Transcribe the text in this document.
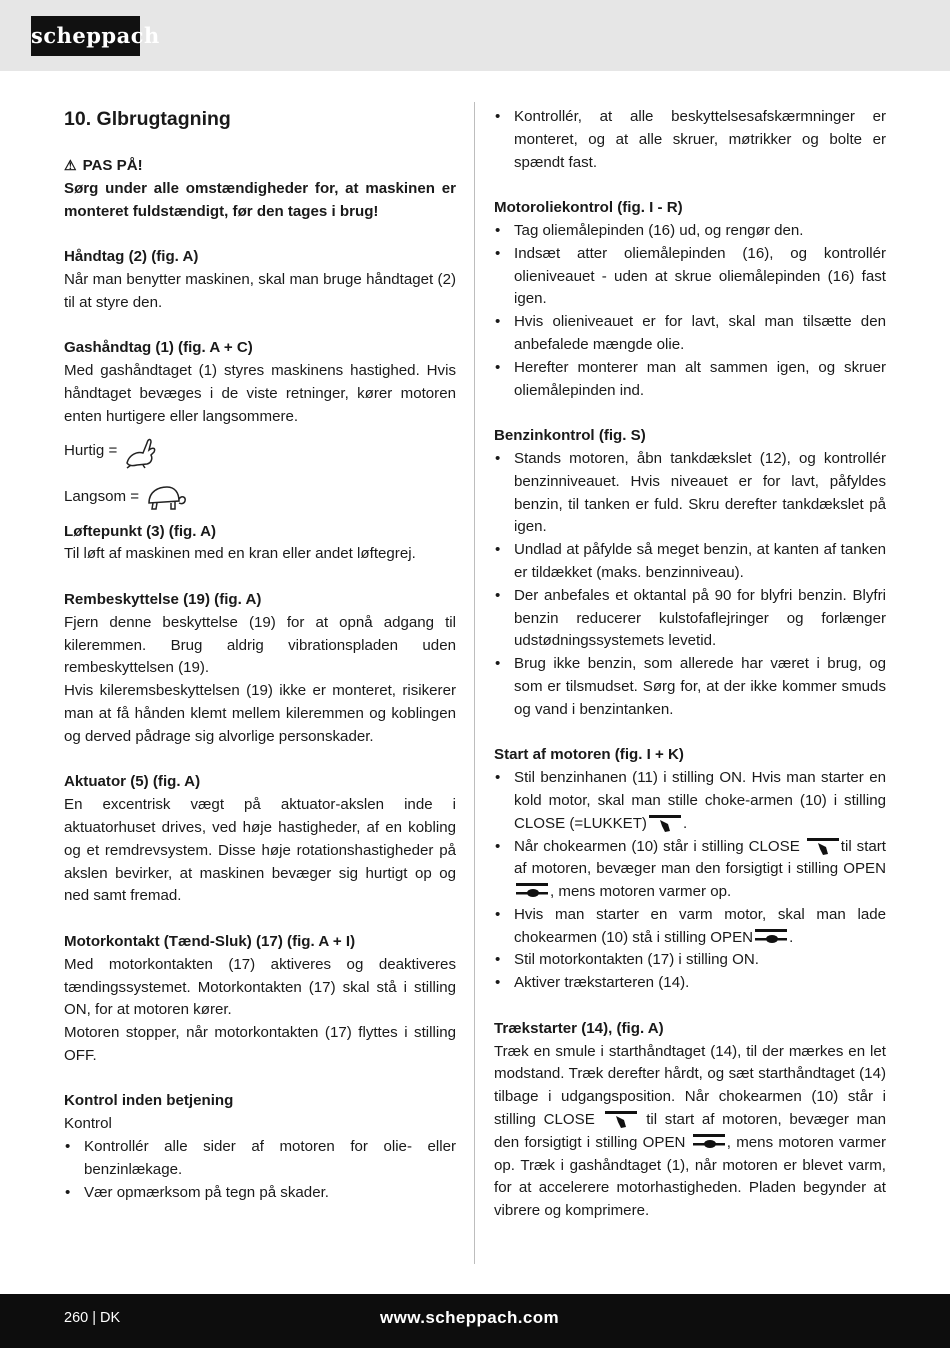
scheppach
10. Glbrugtagning

⚠ PAS PÅ!

Sørg under alle omstændigheder for, at maskinen er monteret fuldstændigt, før den tages i brug!

Håndtag (2) (fig. A)

Når man benytter maskinen, skal man bruge håndtaget (2) til at styre den.

Gashåndtag (1) (fig. A + C)

Med gashåndtaget (1) styres maskinens hastighed. Hvis håndtaget bevæges i de viste retninger, kører motoren enten hurtigere eller langsommere.

Hurtig =
Langsom =

Løftepunkt (3) (fig. A)

Til løft af maskinen med en kran eller andet løftegrej.

Rembeskyttelse (19) (fig. A)

Fjern denne beskyttelse (19) for at opnå adgang til kileremmen. Brug aldrig vibrationspladen uden rembeskyttelsen (19).

Hvis kileremsbeskyttelsen (19) ikke er monteret, risikerer man at få hånden klemt mellem kileremmen og koblingen og derved pådrage sig alvorlige personskader.

Aktuator (5) (fig. A)

En excentrisk vægt på aktuator-akslen inde i aktuatorhuset drives, ved høje hastigheder, af en kobling og et remdrevsystem. Disse høje rotationshastigheder på akslen bevirker, at maskinen bevæger sig hurtigt op og ned samt fremad.

Motorkontakt (Tænd-Sluk) (17) (fig. A + I)

Med motorkontakten (17) aktiveres og deaktiveres tændingssystemet. Motorkontakten (17) skal stå i stilling ON, for at motoren kører.

Motoren stopper, når motorkontakten (17) flyttes i stilling OFF.

Kontrol inden betjening

Kontrol

• Kontrollér alle sider af motoren for olie- eller benzinlækage.
• Vær opmærksom på tegn på skader.
• Kontrollér, at alle beskyttelsesafskærmninger er monteret, og at alle skruer, møtrikker og bolte er spændt fast.

Motoroliekontrol (fig. I - R)

• Tag oliemålepinden (16) ud, og rengør den.
• Indsæt atter oliemålepinden (16), og kontrollér olieniveauet - uden at skrue oliemålepinden (16) fast igen.
• Hvis olieniveauet er for lavt, skal man tilsætte den anbefalede mængde olie.
• Herefter monterer man alt sammen igen, og skruer oliemålepinden ind.

Benzinkontrol (fig. S)

• Stands motoren, åbn tankdækslet (12), og kontrollér benzinniveauet. Hvis niveauet er for lavt, påfyldes benzin, til tanken er fuld. Skru derefter tankdækslet på igen.
• Undlad at påfylde så meget benzin, at kanten af tanken er tildækket (maks. benzinniveau).
• Der anbefales et oktantal på 90 for blyfri benzin. Blyfri benzin reducerer kulstofaflejringer og forlænger udstødningssystemets levetid.
• Brug ikke benzin, som allerede har været i brug, og som er tilsmudset. Sørg for, at der ikke kommer smuds og vand i benzintanken.

Start af motoren (fig. I + K)

• Stil benzinhanen (11) i stilling ON. Hvis man starter en kold motor, skal man stille choke-armen (10) i stilling CLOSE (=LUKKET) .
• Når chokearmen (10) står i stilling CLOSE	til start af motoren, bevæger man den forsigtigt i stilling OPEN , mens motoren varmer op.
• Hvis man starter en varm motor, skal man lade chokearmen (10) stå i stilling OPEN .
• Stil motorkontakten (17) i stilling ON.
• Aktiver trækstarteren (14).

Trækstarter (14), (fig. A)

Træk en smule i starthåndtaget (14), til der mærkes en let modstand. Træk derefter hårdt, og sæt starthåndtaget (14) tilbage i udgangsposition. Når chokearmen (10) står i stilling CLOSE	til start af motoren, bevæger man den forsigtigt i stilling OPEN	, mens motoren varmer op. Træk i gashåndtaget (1), når motoren er blevet varm, for at accelerere motorhastigheden. Pladen begynder at vibrere og komprimere.

260 | DK	www.scheppach.com
